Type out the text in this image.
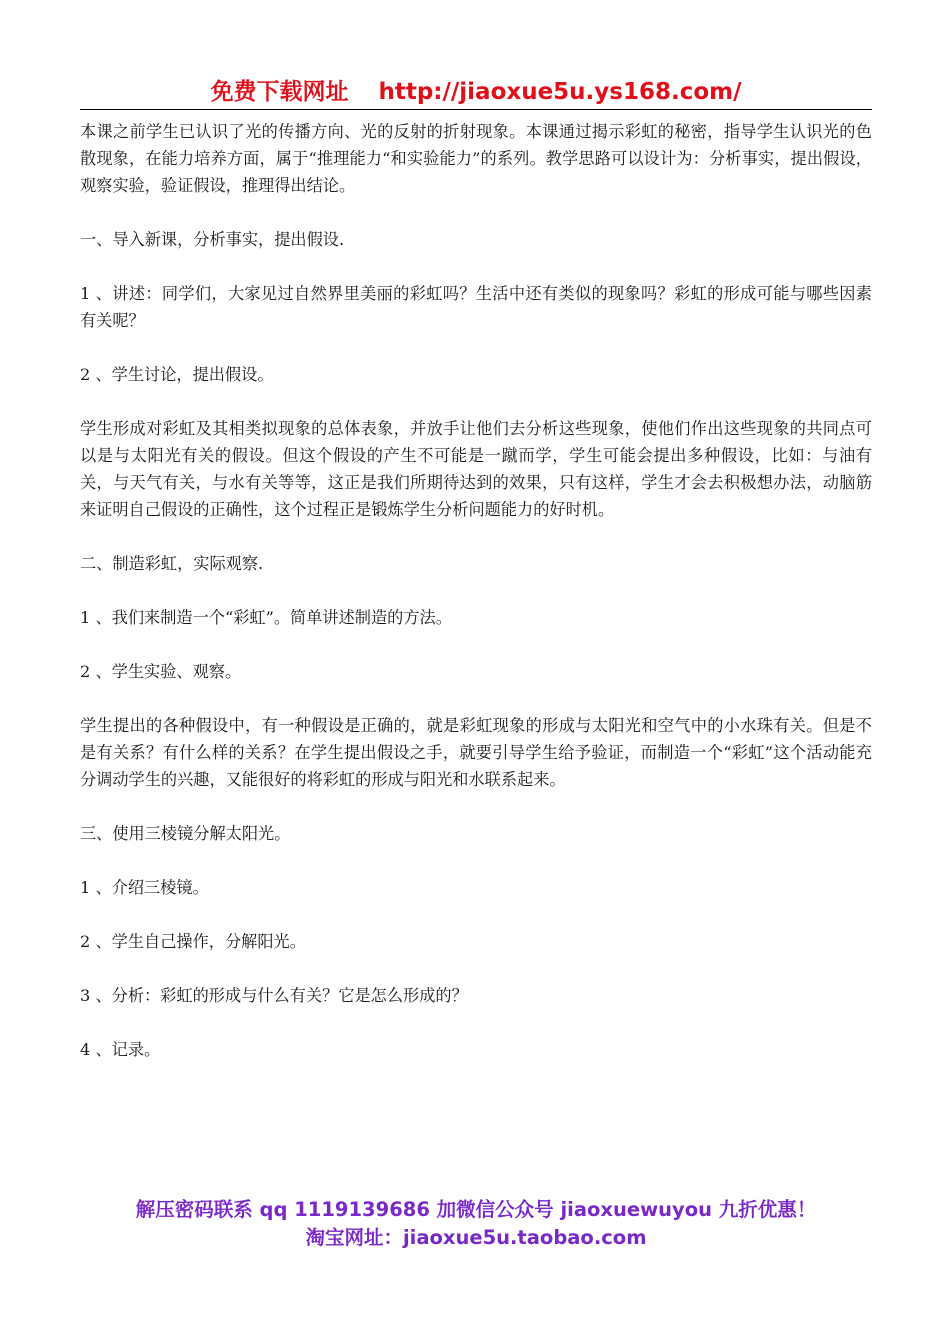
免费下载网址 http://jiaoxue5u.ys168.com/

本课之前学生已认识了光的传播方向、光的反射的折射现象。本课通过揭示彩虹的秘密，指导学生认识光的色散现象，在能力培养方面，属于“推理能力“和实验能力”的系列。教学思路可以设计为：分析事实，提出假设，观察实验，验证假设，推理得出结论。

一、导入新课，分析事实，提出假设.

1 、讲述：同学们，大家见过自然界里美丽的彩虹吗？生活中还有类似的现象吗？彩虹的形成可能与哪些因素有关呢？

2 、学生讨论，提出假设。

学生形成对彩虹及其相类拟现象的总体表象，并放手让他们去分析这些现象，使他们作出这些现象的共同点可以是与太阳光有关的假设。但这个假设的产生不可能是一蹴而学，学生可能会提出多种假设，比如：与油有关，与天气有关，与水有关等等，这正是我们所期待达到的效果，只有这样，学生才会去积极想办法，动脑筋来证明自己假设的正确性，这个过程正是锻炼学生分析问题能力的好时机。

二、制造彩虹，实际观察.

1 、我们来制造一个“彩虹”。简单讲述制造的方法。

2 、学生实验、观察。

学生提出的各种假设中，有一种假设是正确的，就是彩虹现象的形成与太阳光和空气中的小水珠有关。但是不是有关系？有什么样的关系？在学生提出假设之手，就要引导学生给予验证，而制造一个“彩虹”这个活动能充分调动学生的兴趣，又能很好的将彩虹的形成与阳光和水联系起来。

三、使用三棱镜分解太阳光。

1 、介绍三棱镜。

2 、学生自己操作，分解阳光。

3 、分析：彩虹的形成与什么有关？它是怎么形成的？

4 、记录。

解压密码联系 qq 1119139686 加微信公众号 jiaoxuewuyou 九折优惠！
淘宝网址：jiaoxue5u.taobao.com
